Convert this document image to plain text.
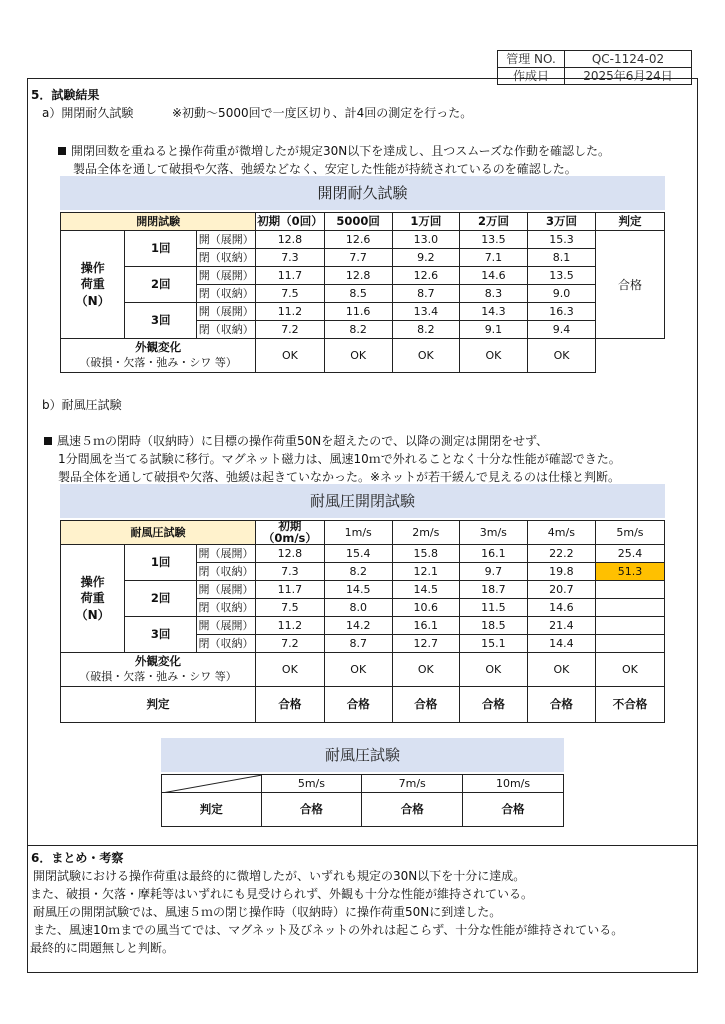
管理 NO.	QC-1124-02
作成日	2025年6月24日
5．試験結果
a）開閉耐久試験	※初動～5000回で一度区切り、計4回の測定を行った。
開閉回数を重ねると操作荷重が微増したが規定30N以下を達成し、且つスムーズな作動を確認した。
製品全体を通して破損や欠落、弛緩などなく、安定した性能が持続されているのを確認した。
開閉耐久試験
開閉試験			初期（0回）	5000回	1万回	2万回	3万回	判定
操作
荷重
（N）	1回	開（展開）	12.8	12.6	13.0	13.5	15.3	合格
		閉（収納）	7.3	7.7	9.2	7.1	8.1	
	2回	開（展開）	11.7	12.8	12.6	14.6	13.5	
		閉（収納）	7.5	8.5	8.7	8.3	9.0	
	3回	開（展開）	11.2	11.6	13.4	14.3	16.3	
		閉（収納）	7.2	8.2	8.2	9.1	9.4	

外観変化
（破損・欠落・弛み・シワ 等）			OK	OK	OK	OK	OK	
b）耐風圧試験
風速５ｍの閉時（収納時）に目標の操作荷重50Nを超えたので、以降の測定は開閉をせず、
1分間風を当てる試験に移行。マグネット磁力は、風速10ｍで外れることなく十分な性能が確認できた。
製品全体を通して破損や欠落、弛緩は起きていなかった。※ネットが若干緩んで見えるのは仕様と判断。
耐風圧開閉試験
耐風圧試験			初期（0m/s）	1m/s	2m/s	3m/s	4m/s	5m/s
操作
荷重
（N）	1回	開（展開）	12.8	15.4	15.8	16.1	22.2	25.4
		閉（収納）	7.3	8.2	12.1	9.7	19.8	51.3
	2回	開（展開）	11.7	14.5	14.5	18.7	20.7	
		閉（収納）	7.5	8.0	10.6	11.5	14.6	
	3回	開（展開）	11.2	14.2	16.1	18.5	21.4	
		閉（収納）	7.2	8.7	12.7	15.1	14.4	

外観変化
（破損・欠落・弛み・シワ 等）			OK	OK	OK	OK	OK	OK
判定			合格	合格	合格	合格	合格	不合格
耐風圧試験
	5m/s	7m/s	10m/s
判定	合格	合格	合格
6．まとめ・考察
開閉試験における操作荷重は最終的に微増したが、いずれも規定の30N以下を十分に達成。
また、破損・欠落・摩耗等はいずれにも見受けられず、外観も十分な性能が維持されている。
耐風圧の開閉試験では、風速５ｍの閉じ操作時（収納時）に操作荷重50Nに到達した。
また、風速10ｍまでの風当てでは、マグネット及びネットの外れは起こらず、十分な性能が維持されている。
最終的に問題無しと判断。
